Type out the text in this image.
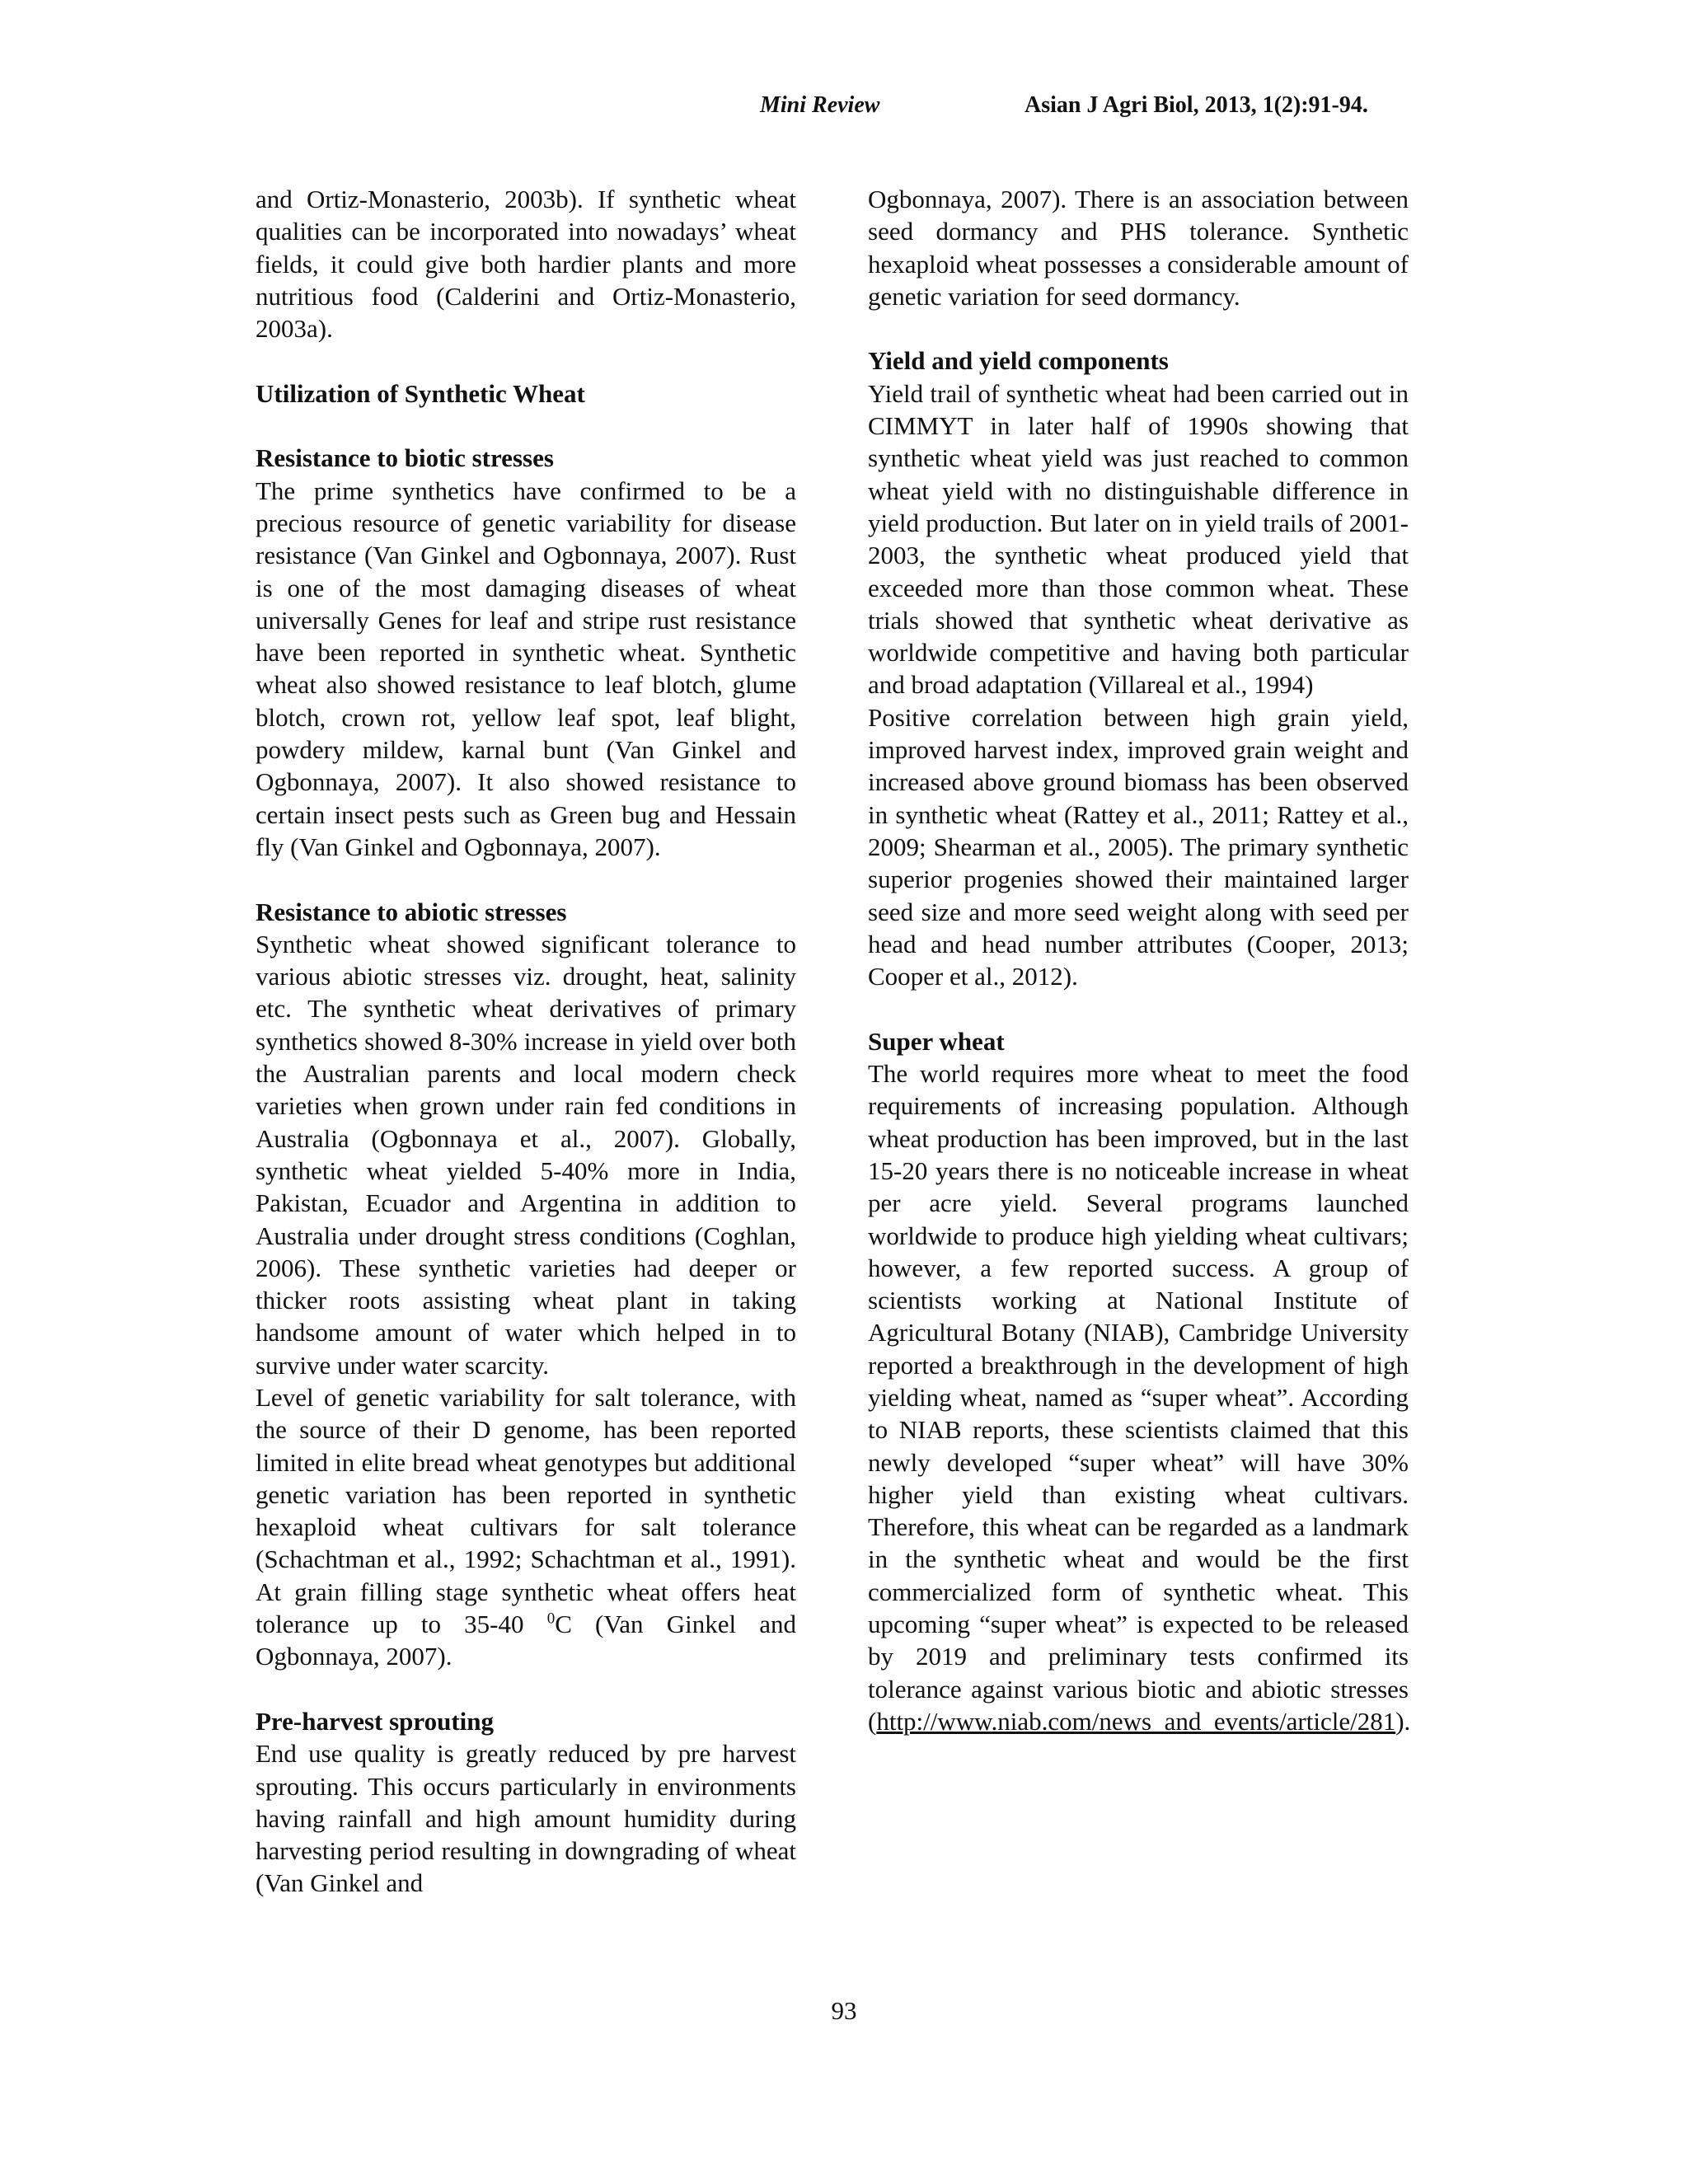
Mini Review	Asian J Agri Biol, 2013, 1(2):91-94.

and Ortiz-Monasterio, 2003b). If synthetic wheat qualities can be incorporated into nowadays’ wheat fields, it could give both hardier plants and more nutritious food (Calderini and Ortiz-Monasterio, 2003a).

Utilization of Synthetic Wheat
Resistance to biotic stresses

The prime synthetics have confirmed to be a precious resource of genetic variability for disease resistance (Van Ginkel and Ogbonnaya, 2007). Rust is one of the most damaging diseases of wheat universally Genes for leaf and stripe rust resistance have been reported in synthetic wheat. Synthetic wheat also showed resistance to leaf blotch, glume blotch, crown rot, yellow leaf spot, leaf blight, powdery mildew, karnal bunt (Van Ginkel and Ogbonnaya, 2007). It also showed resistance to certain insect pests such as Green bug and Hessain fly (Van Ginkel and Ogbonnaya, 2007).

Resistance to abiotic stresses

Synthetic wheat showed significant tolerance to various abiotic stresses viz. drought, heat, salinity etc. The synthetic wheat derivatives of primary synthetics showed 8-30% increase in yield over both the Australian parents and local modern check varieties when grown under rain fed conditions in Australia (Ogbonnaya et al., 2007). Globally, synthetic wheat yielded 5-40% more in India, Pakistan, Ecuador and Argentina in addition to Australia under drought stress conditions (Coghlan, 2006). These synthetic varieties had deeper or thicker roots assisting wheat plant in taking handsome amount of water which helped in to survive under water scarcity.

Level of genetic variability for salt tolerance, with the source of their D genome, has been reported limited in elite bread wheat genotypes but additional genetic variation has been reported in synthetic hexaploid wheat cultivars for salt tolerance (Schachtman et al., 1992; Schachtman et al., 1991). At grain filling stage synthetic wheat offers heat tolerance up to 35-40 $^0$C (Van Ginkel and Ogbonnaya, 2007).

Pre-harvest sprouting

End use quality is greatly reduced by pre harvest sprouting. This occurs particularly in environments having rainfall and high amount humidity during harvesting period resulting in downgrading of wheat (Van Ginkel and

Ogbonnaya, 2007). There is an association between seed dormancy and PHS tolerance. Synthetic hexaploid wheat possesses a considerable amount of genetic variation for seed dormancy.

Yield and yield components

Yield trail of synthetic wheat had been carried out in CIMMYT in later half of 1990s showing that synthetic wheat yield was just reached to common wheat yield with no distinguishable difference in yield production. But later on in yield trails of 2001-2003, the synthetic wheat produced yield that exceeded more than those common wheat. These trials showed that synthetic wheat derivative as worldwide competitive and having both particular and broad adaptation (Villareal et al., 1994)

Positive correlation between high grain yield, improved harvest index, improved grain weight and increased above ground biomass has been observed in synthetic wheat (Rattey et al., 2011; Rattey et al., 2009; Shearman et al., 2005). The primary synthetic superior progenies showed their maintained larger seed size and more seed weight along with seed per head and head number attributes (Cooper, 2013; Cooper et al., 2012).

Super wheat

The world requires more wheat to meet the food requirements of increasing population. Although wheat production has been improved, but in the last 15-20 years there is no noticeable increase in wheat per acre yield. Several programs launched worldwide to produce high yielding wheat cultivars; however, a few reported success. A group of scientists working at National Institute of Agricultural Botany (NIAB), Cambridge University reported a breakthrough in the development of high yielding wheat, named as “super wheat”. According to NIAB reports, these scientists claimed that this newly developed “super wheat” will have 30% higher yield than existing wheat cultivars. Therefore, this wheat can be regarded as a landmark in the synthetic wheat and would be the first commercialized form of synthetic wheat. This upcoming “super wheat” is expected to be released by 2019 and preliminary tests confirmed its tolerance against various biotic and abiotic stresses (http://www.niab.com/news_and_events/article/281).

93
